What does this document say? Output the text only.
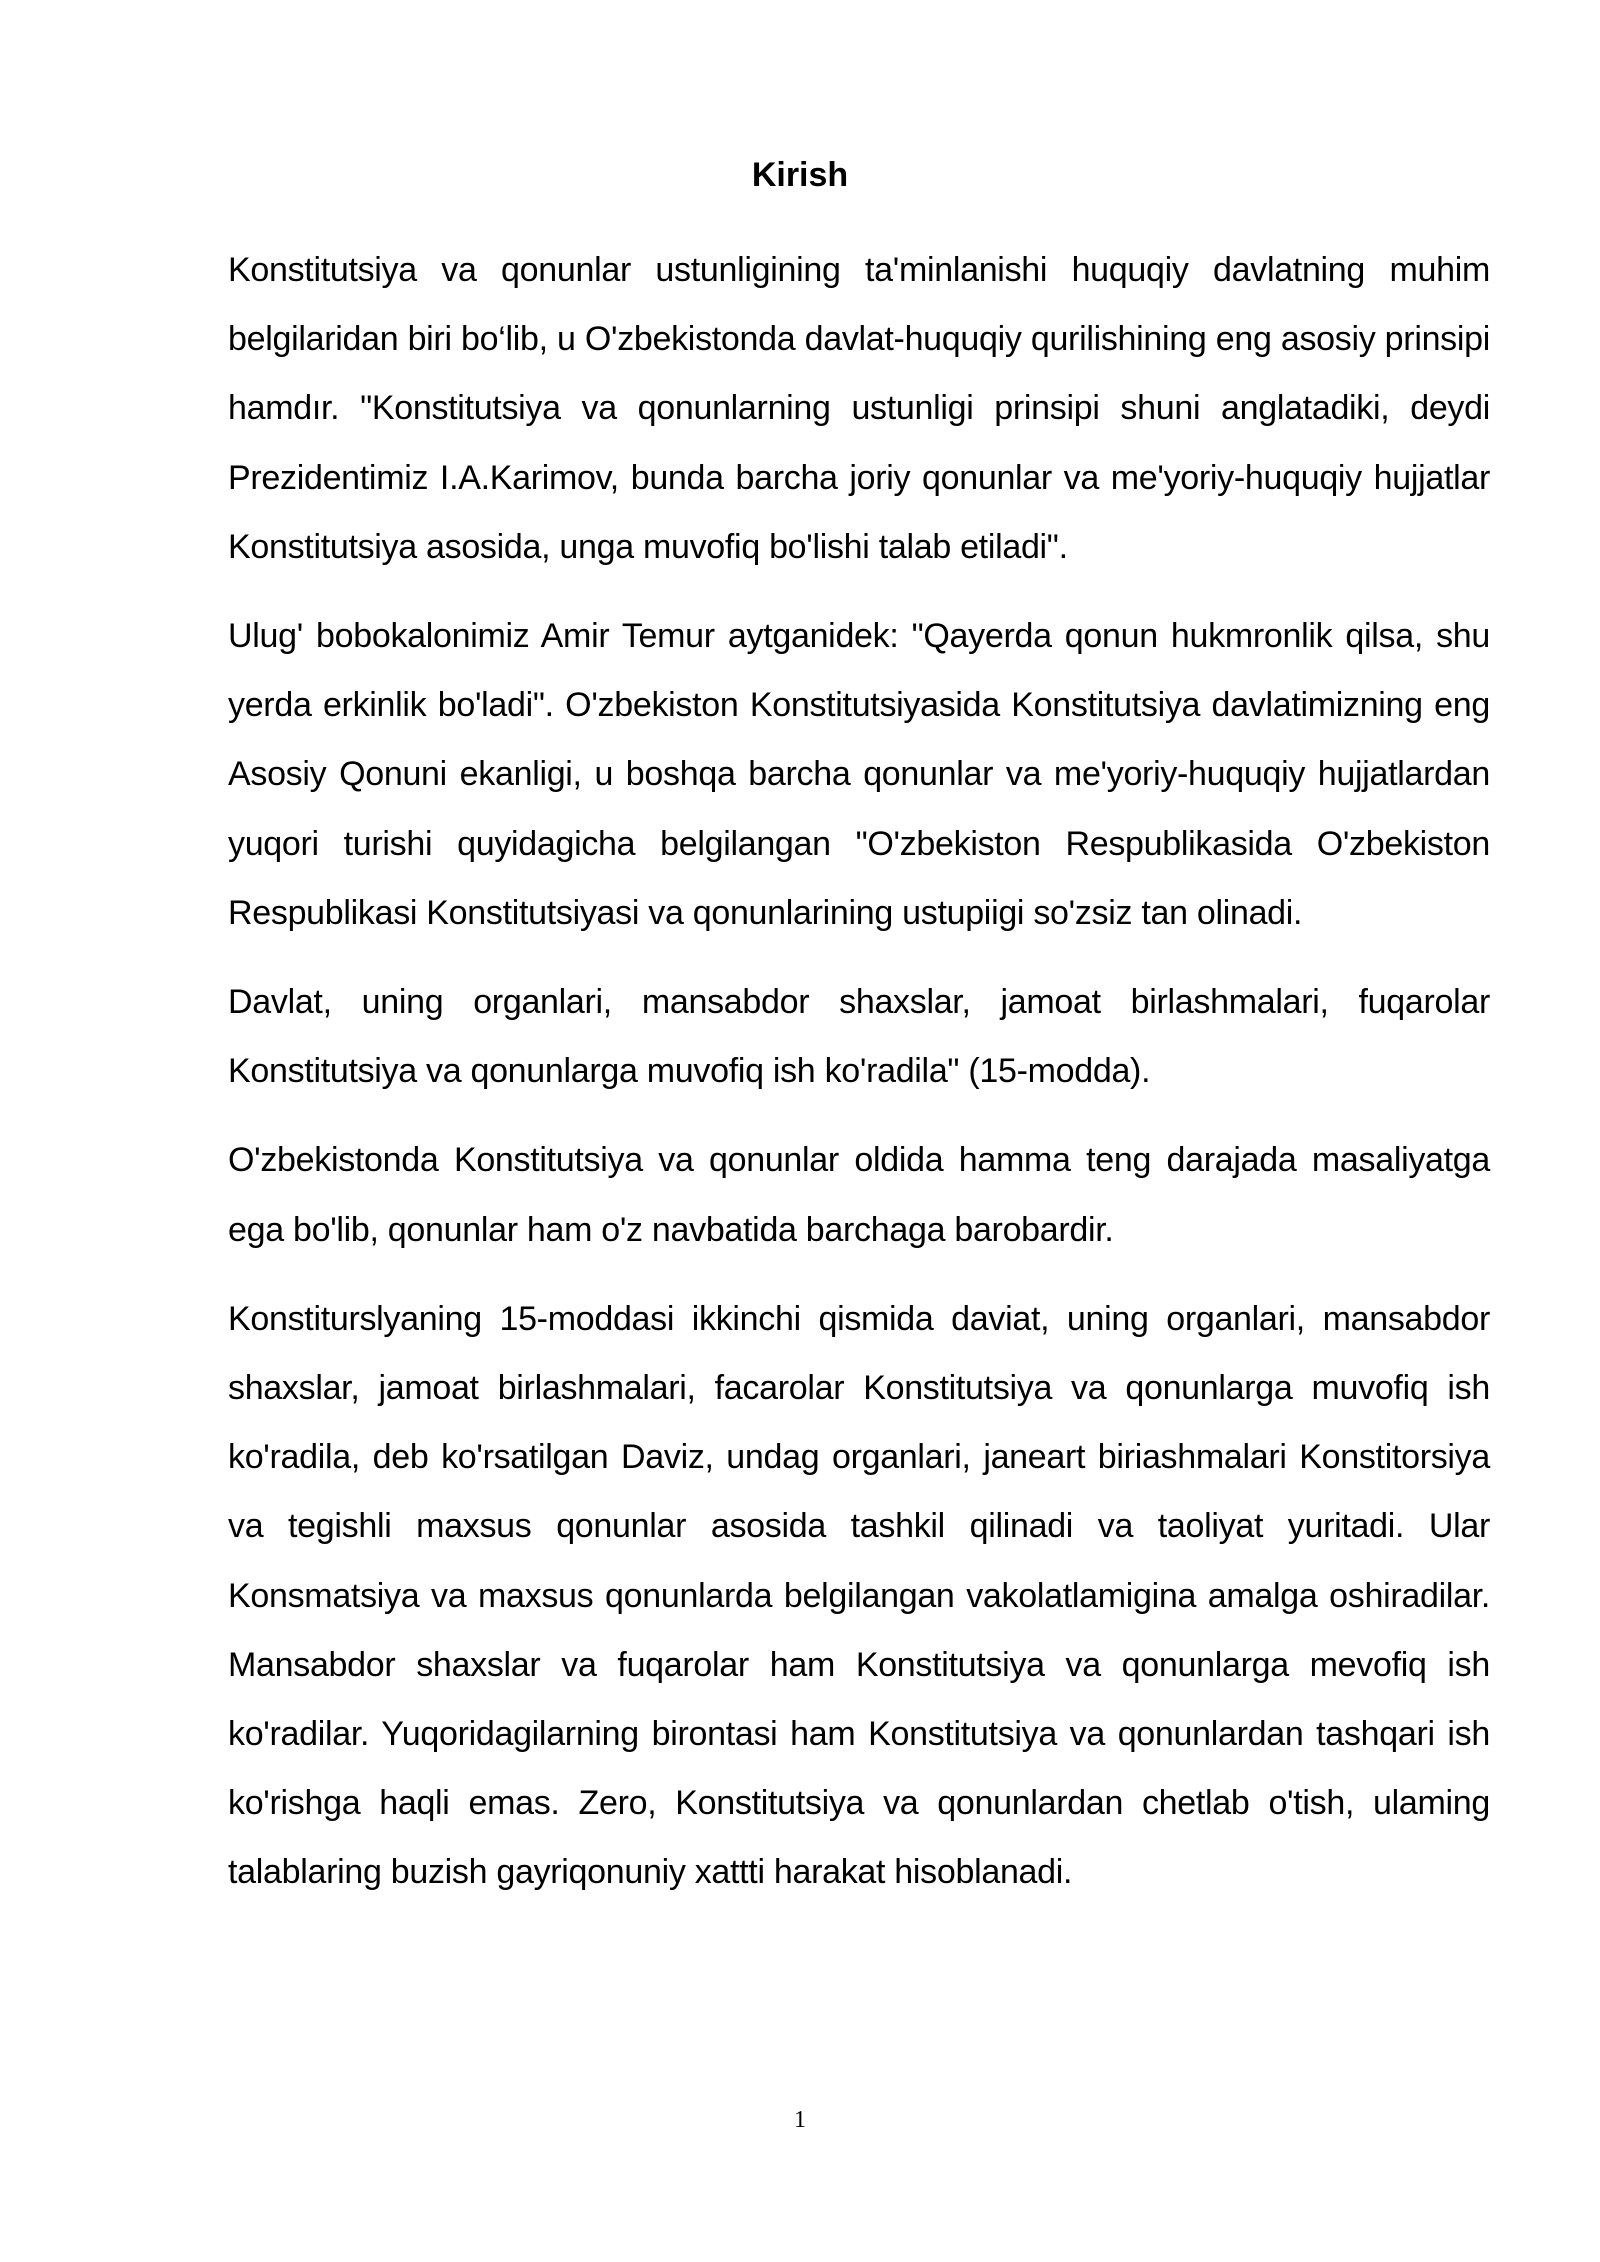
Kirish

Konstitutsiya va qonunlar ustunligining ta'minlanishi huquqiy davlatning muhim belgilaridan biri bo‘lib, u O'zbekistonda davlat-huquqiy qurilishining eng asosiy prinsipi hamdır. "Konstitutsiya va qonunlarning ustunligi prinsipi shuni anglatadiki, deydi Prezidentimiz I.A.Karimov, bunda barcha joriy qonunlar va me'yoriy-huquqiy hujjatlar Konstitutsiya asosida, unga muvofiq bo'lishi talab etiladi".

Ulug' bobokalonimiz Amir Temur aytganidek: "Qayerda qonun hukmronlik qilsa, shu yerda erkinlik bo'ladi". O'zbekiston Konstitutsiyasida Konstitutsiya davlatimizning eng Asosiy Qonuni ekanligi, u boshqa barcha qonunlar va me'yoriy-huquqiy hujjatlardan yuqori turishi quyidagicha belgilangan "O'zbekiston Respublikasida O'zbekiston Respublikasi Konstitutsiyasi va qonunlarining ustupiigi so'zsiz tan olinadi.

Davlat, uning organlari, mansabdor shaxslar, jamoat birlashmalari, fuqarolar Konstitutsiya va qonunlarga muvofiq ish ko'radila" (15-modda).

O'zbekistonda Konstitutsiya va qonunlar oldida hamma teng darajada masaliyatga ega bo'lib, qonunlar ham o'z navbatida barchaga barobardir.

Konstiturslyaning 15-moddasi ikkinchi qismida daviat, uning organlari, mansabdor shaxslar, jamoat birlashmalari, facarolar Konstitutsiya va qonunlarga muvofiq ish ko'radila, deb ko'rsatilgan Daviz, undag organlari, janeart biriashmalari Konstitorsiya va tegishli maxsus qonunlar asosida tashkil qilinadi va taoliyat yuritadi. Ular Konsmatsiya va maxsus qonunlarda belgilangan vakolatlamigina amalga oshiradilar. Mansabdor shaxslar va fuqarolar ham Konstitutsiya va qonunlarga mevofiq ish ko'radilar. Yuqoridagilarning birontasi ham Konstitutsiya va qonunlardan tashqari ish ko'rishga haqli emas. Zero, Konstitutsiya va qonunlardan chetlab o'tish, ulaming talablaring buzish gayriqonuniy xattti harakat hisoblanadi.

1
